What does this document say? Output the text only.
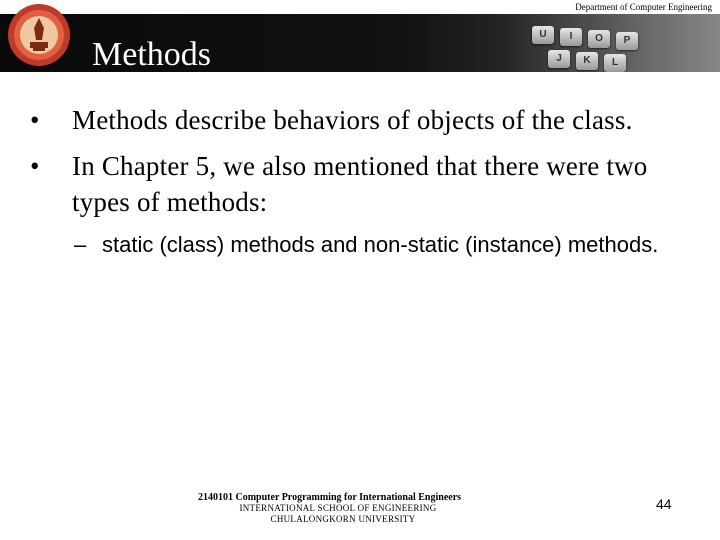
U	I	O	P
J	K	L
Methods
Department of Computer Engineering
• Methods describe behaviors of objects of the class.
• In Chapter 5, we also mentioned that there were two types of methods:
– static (class) methods and non-static (instance) methods.
2140101 Computer Programming for International Engineers
INTERNATIONAL SCHOOL OF ENGINEERING
CHULALONGKORN UNIVERSITY
44
